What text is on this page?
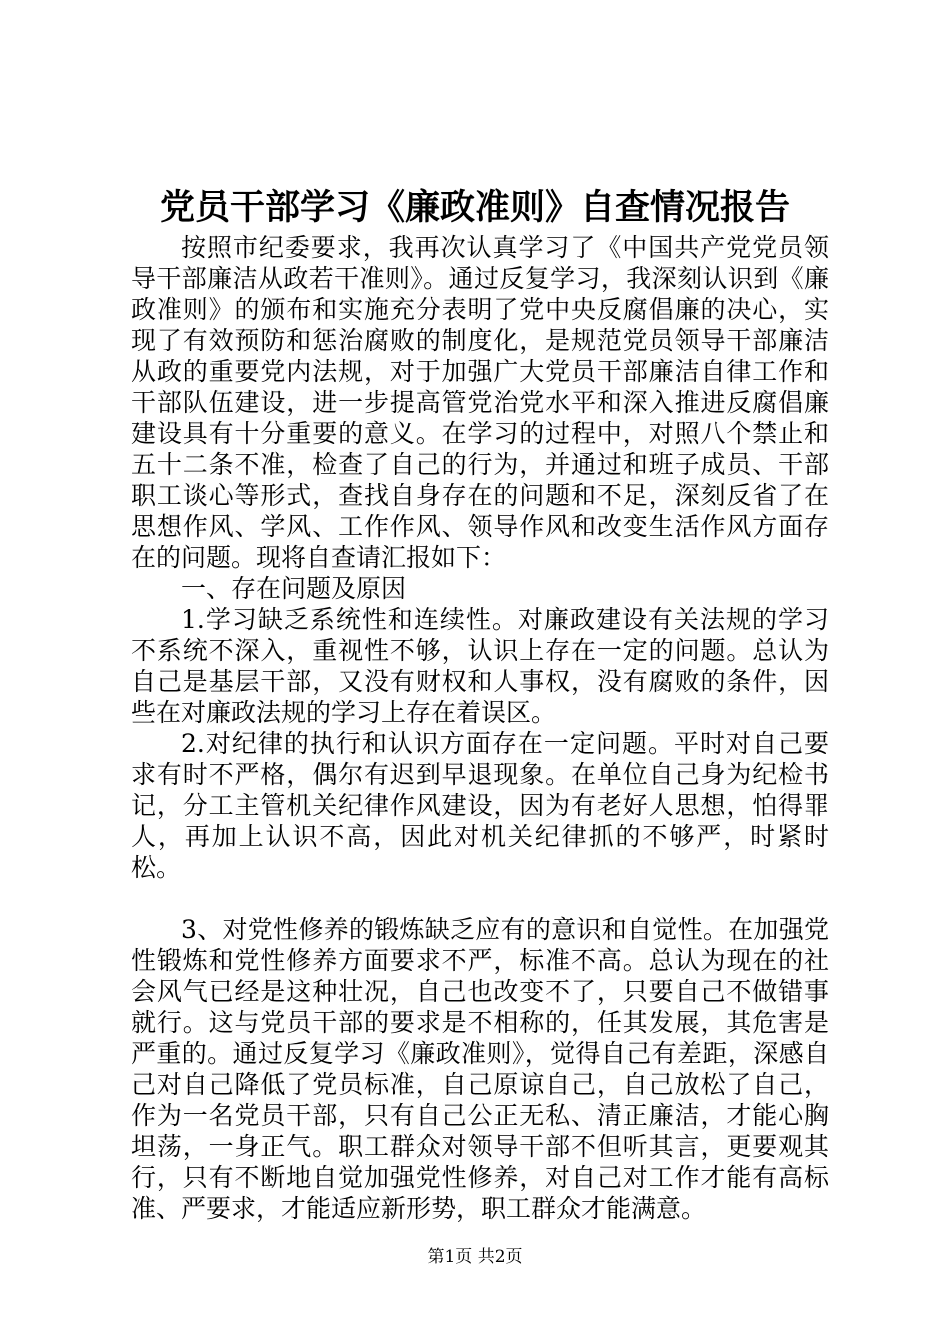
党员干部学习《廉政准则》自查情况报告

按照市纪委要求，我再次认真学习了《中国共产党党员领导干部廉洁从政若干准则》。通过反复学习，我深刻认识到《廉政准则》的颁布和实施充分表明了党中央反腐倡廉的决心，实现了有效预防和惩治腐败的制度化，是规范党员领导干部廉洁从政的重要党内法规，对于加强广大党员干部廉洁自律工作和干部队伍建设，进一步提高管党治党水平和深入推进反腐倡廉建设具有十分重要的意义。在学习的过程中，对照八个禁止和五十二条不准，检查了自己的行为，并通过和班子成员、干部职工谈心等形式，查找自身存在的问题和不足，深刻反省了在思想作风、学风、工作作风、领导作风和改变生活作风方面存在的问题。现将自查请汇报如下：

一、存在问题及原因

1.学习缺乏系统性和连续性。对廉政建设有关法规的学习不系统不深入，重视性不够，认识上存在一定的问题。总认为自己是基层干部，又没有财权和人事权，没有腐败的条件，因些在对廉政法规的学习上存在着误区。

2.对纪律的执行和认识方面存在一定问题。平时对自己要求有时不严格，偶尔有迟到早退现象。在单位自己身为纪检书记，分工主管机关纪律作风建设，因为有老好人思想，怕得罪人，再加上认识不高，因此对机关纪律抓的不够严，时紧时松。

3、对党性修养的锻炼缺乏应有的意识和自觉性。在加强党性锻炼和党性修养方面要求不严，标准不高。总认为现在的社会风气已经是这种壮况，自己也改变不了，只要自己不做错事就行。这与党员干部的要求是不相称的，任其发展，其危害是严重的。通过反复学习《廉政准则》，觉得自己有差距，深感自己对自己降低了党员标准，自己原谅自己，自己放松了自己，作为一名党员干部，只有自己公正无私、清正廉洁，才能心胸坦荡，一身正气。职工群众对领导干部不但听其言，更要观其行，只有不断地自觉加强党性修养，对自己对工作才能有高标准、严要求，才能适应新形势，职工群众才能满意。

第1页 共2页
